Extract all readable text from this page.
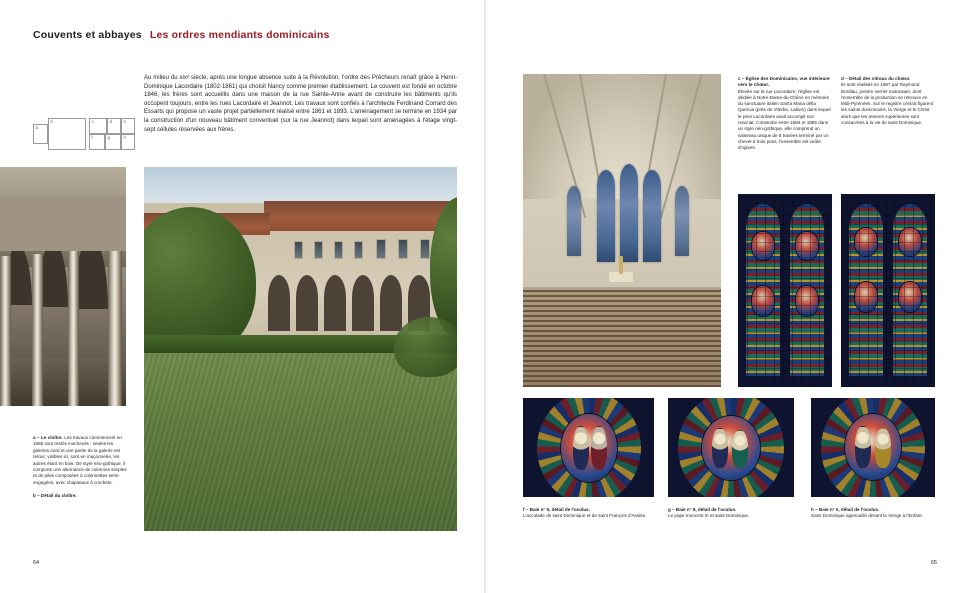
Couvents et abbayes Les ordres mendiants dominicains

Au milieu du xixᵉ siècle, après une longue absence suite à la Révolution, l'ordre des Prêcheurs renaît grâce à Henri-Dominique Lacordaire (1802-1861) qui choisit Nancy comme premier établissement. Le couvent est fondé en octobre 1846, les frères sont accueillis dans une maison de la rue Sainte-Anne avant de construire les bâtiments qu'ils occupent toujours, entre les rues Lacordaire et Jeannot. Les travaux sont confiés à l'architecte Ferdinand Corrard des Essarts qui propose un vaste projet partiellement réalisé entre 1861 et 1893. L'aménagement se termine en 1934 par la construction d'un nouveau bâtiment conventuel (sur la rue Jeannot) dans lequel sont aménagées à l'étage vingt-sept cellules réservées aux frères.

a
b	c	d	e
f	g	h
a – Le cloître. Les travaux commencent en 1855 sont restés inachevés : seules les galeries nord et une partie de la galerie est retour, visibles ici, sont en maçonnerie, les autres étant en bois. De style néo-gothique, il comporte une alternance de colonnes simples et de piles composées à colonnettes semi-engagées, avec chapiteaux à crochets.
b – Détail du cloître.
64
c – Église des Dominicains, vue intérieure vers le chœur.
Élevée sur la rue Lacordaire, l'église est dédiée à Notre-Dame-du-Chêne en mémoire du sanctuaire italien Santa Maria della Quercia (près de Viterbe, Latium) dans lequel le père Lacordaire avait accompli son noviciat. Construite entre 1884 et 1885 dans un style néo-gothique, elle comprend un vaisseau unique de 8 travées terminé par un chevet à trois pans, l'ensemble est voûté d'ogives.
d – Détail des vitraux du chœur.
Ils sont réalisés en 1887 par Raymond Bordiau, peintre verrier toulousain, dont l'ensemble de la production se retrouve en Midi-Pyrénées. Sur le registre central figurent les saints dominicains, la Vierge et le Christ alors que les œuvres supérieures sont consacrées à la vie de saint Dominique.
f – Baie n° 5, détail de l'oculus.
L'accolade de saint Dominique et de saint François d'Assise.
g – Baie n° 8, détail de l'oculus.
Le pape Innocent III et saint Dominique.
h – Baie n° 0, détail de l'oculus.
Saint Dominique agenouillé devant la Vierge à l'Enfant.
65
